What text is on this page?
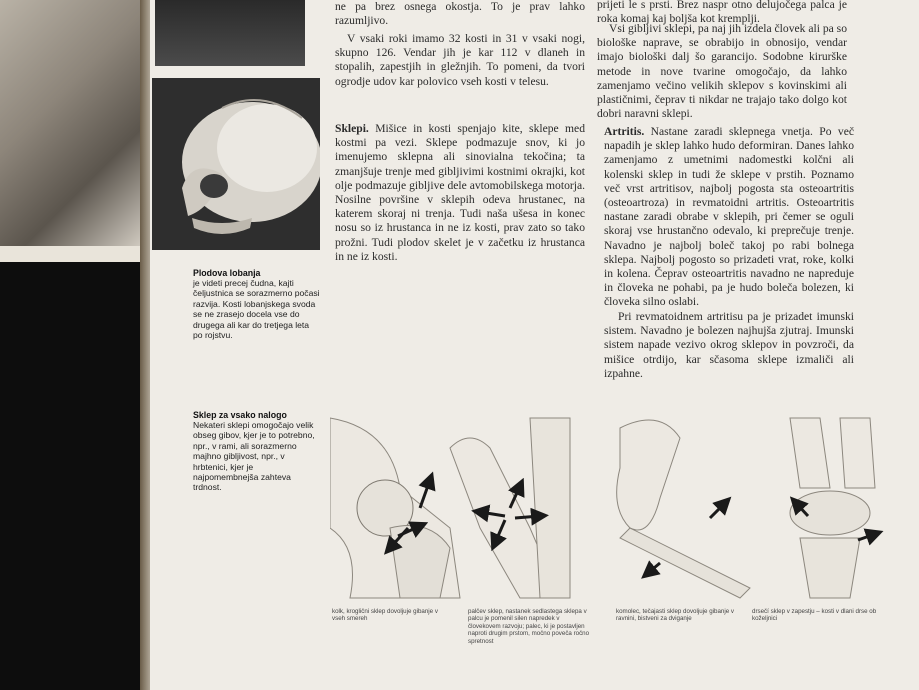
ne pa brez osnega okostja. To je prav lahko razumljivo.

V vsaki roki imamo 32 kosti in 31 v vsaki nogi, skupno 126. Vendar jih je kar 112 v dlaneh in stopalih, zapestjih in gležnjih. To pomeni, da tvori ogrodje udov kar polovico vseh kosti v telesu.

Sklepi. Mišice in kosti spenjajo kite, sklepe med kostmi pa vezi. Sklepe podmazuje snov, ki jo imenujemo sklepna ali sinovialna tekočina; ta zmanjšuje trenje med gibljivimi kostnimi okrajki, kot olje podmazuje gibljive dele avtomobilskega motorja. Nosilne površine v sklepih odeva hrustanec, na katerem skoraj ni trenja. Tudi naša ušesa in konec nosu so iz hrustanca in ne iz kosti, prav zato so tako prožni. Tudi plodov skelet je v začetku iz hrustanca in ne iz kosti.

prijeti le s prsti. Brez naspr otno delujočega palca je roka komaj kaj boljša kot kremplji.

Vsi gibljivi sklepi, pa naj jih izdela človek ali pa so biološke naprave, se obrabijo in obnosijo, vendar imajo biološki dalj šo garancijo. Sodobne kirurške metode in nove tvarine omogočajo, da lahko zamenjamo večino velikih sklepov s kovinskimi ali plastičnimi, čeprav ti nikdar ne trajajo tako dolgo kot dobri naravni sklepi.

Artritis. Nastane zaradi sklepnega vnetja. Po več napadih je sklep lahko hudo deformiran. Danes lahko zamenjamo z umetnimi nadomestki kolčni ali kolenski sklep in tudi že sklepe v prstih. Poznamo več vrst artritisov, najbolj pogosta sta osteoartritis (osteoartroza) in revmatoidni artritis. Osteoartritis nastane zaradi obrabe v sklepih, pri čemer se oguli skoraj vse hrustančno odevalo, ki preprečuje trenje. Navadno je najbolj boleč takoj po rabi bolnega sklepa. Najbolj pogosto so prizadeti vrat, roke, kolki in kolena. Čeprav osteoartritis navadno ne napreduje in človeka ne pohabi, pa je hudo boleča bolezen, ki človeka silno oslabi.

Pri revmatoidnem artritisu pa je prizadet imunski sistem. Navadno je bolezen najhujša zjutraj. Imunski sistem napade vezivo okrog sklepov in povzroči, da mišice otrdijo, kar sčasoma sklepe izmaliči ali izpahne.

Plodova lobanja

je videti precej čudna, kajti čeljustnica se sorazmerno počasi razvija. Kosti lobanjskega svoda se ne zrasejo docela vse do drugega ali kar do tretjega leta po rojstvu.

Sklep za vsako nalogo

Nekateri sklepi omogočajo velik obseg gibov, kjer je to potrebno, npr., v rami, ali sorazmerno majhno gibljivost, npr., v hrbtenici, kjer je najpomembnejša zahteva trdnost.

kolk, kroglični sklep dovoljuje gibanje v vseh smereh

palčev sklep, nastanek sedlastega sklepa v palcu je pomenil silen napredek v človekovem razvoju; palec, ki je postavljen naproti drugim prstom, močno poveča ročno spretnost

komolec, tečajasti sklep dovoljuje gibanje v ravnini, bistveni za dviganje

drsečí sklep v zapestju – kosti v dlani drse ob koželjnici
